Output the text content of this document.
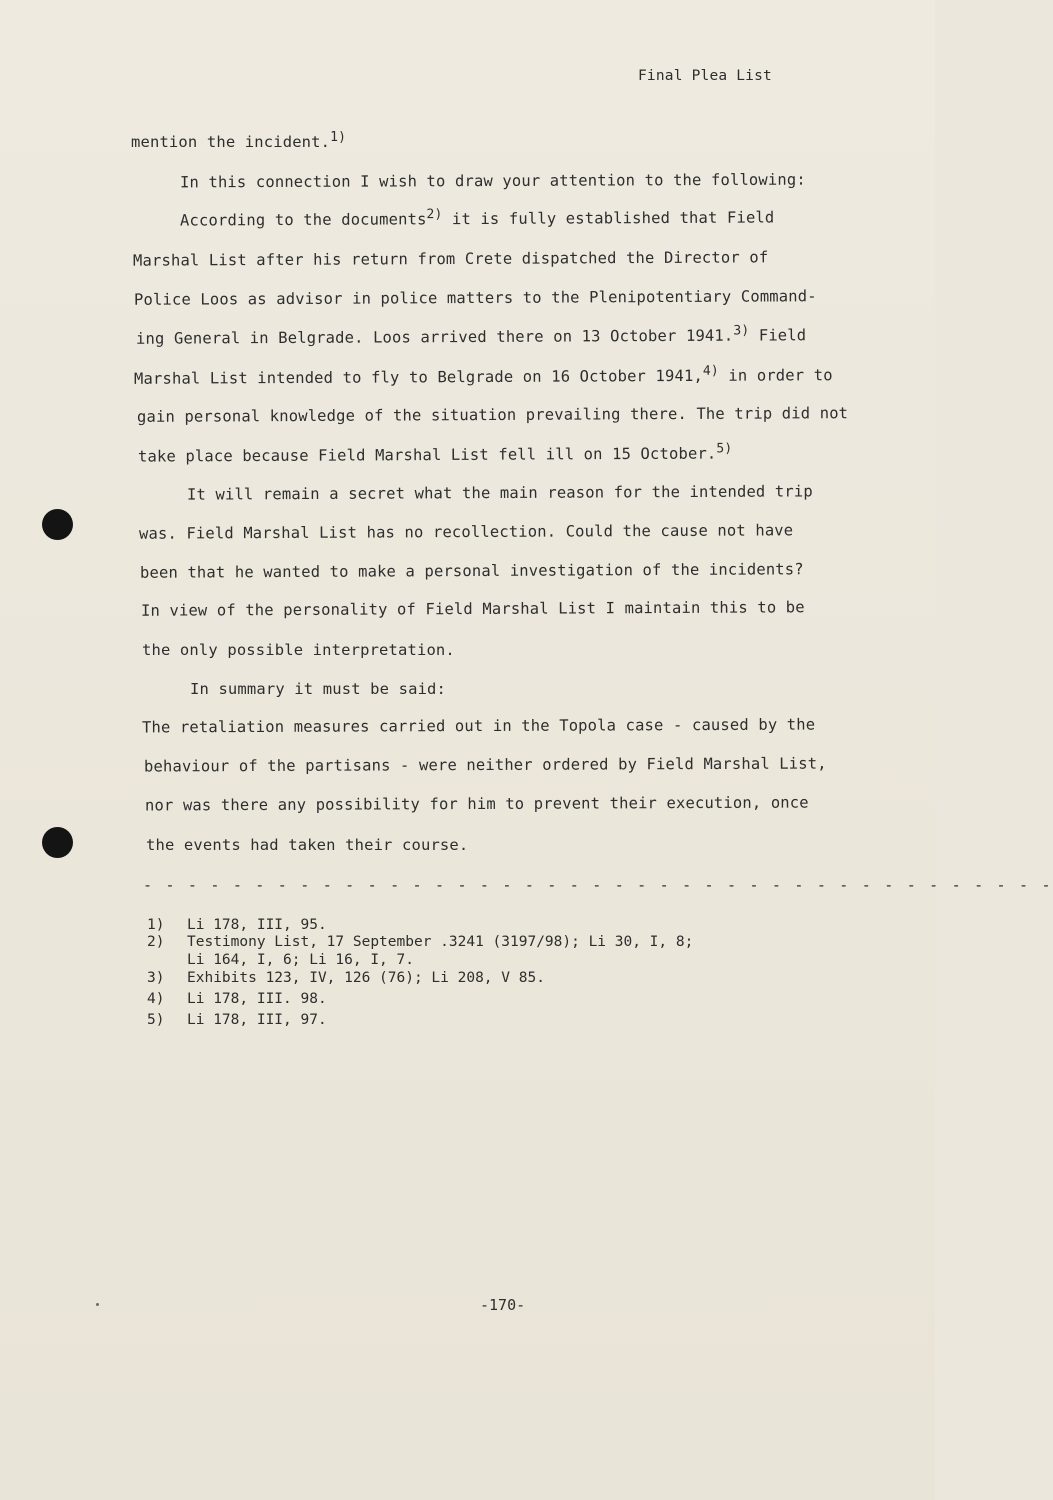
Final Plea List
mention the incident.$^{1)}$
In this connection I wish to draw your attention to the following:
According to the documents$^{2)}$ it is fully established that Field
Marshal List after his return from Crete dispatched the Director of
Police Loos as advisor in police matters to the Plenipotentiary Command-
ing General in Belgrade. Loos arrived there on 13 October 1941.$^{3)}$ Field
Marshal List intended to fly to Belgrade on 16 October 1941,$^{4)}$ in order to
gain personal knowledge of the situation prevailing there. The trip did not
take place because Field Marshal List fell ill on 15 October.$^{5)}$
It will remain a secret what the main reason for the intended trip
was. Field Marshal List has no recollection. Could the cause not have
been that he wanted to make a personal investigation of the incidents?
In view of the personality of Field Marshal List I maintain this to be
the only possible interpretation.
In summary it must be said:
The retaliation measures carried out in the Topola case - caused by the
behaviour of the partisans - were neither ordered by Field Marshal List,
nor was there any possibility for him to prevent their execution, once
the events had taken their course.
- - - - - - - - - - - - - - - - - - - - - - - - - - - - - - - - - - - - - - - - -
1) Li 178, III, 95.
2) Testimony List, 17 September .3241 (3197/98); Li 30, I, 8;
Li 164, I, 6; Li 16, I, 7.
3) Exhibits 123, IV, 126 (76); Li 208, V 85.
4) Li 178, III. 98.
5) Li 178, III, 97.
-170-
